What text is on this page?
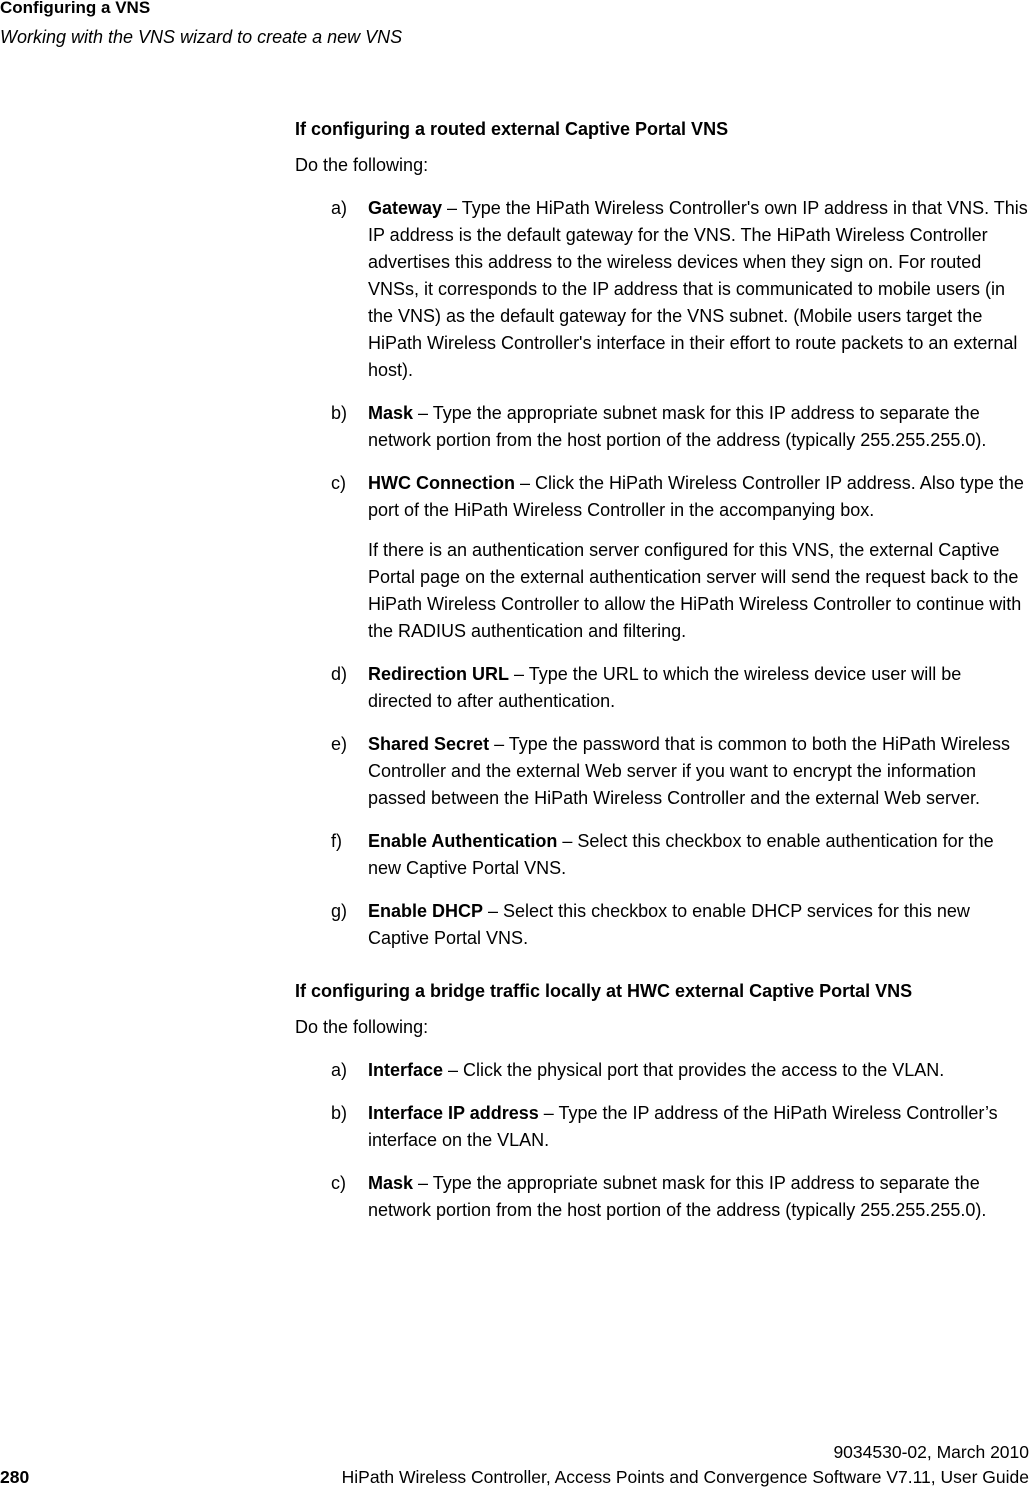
Configuring a VNS
Working with the VNS wizard to create a new VNS
If configuring a routed external Captive Portal VNS
Do the following:
a)	Gateway – Type the HiPath Wireless Controller's own IP address in that VNS. This IP address is the default gateway for the VNS. The HiPath Wireless Controller advertises this address to the wireless devices when they sign on. For routed VNSs, it corresponds to the IP address that is communicated to mobile users (in the VNS) as the default gateway for the VNS subnet. (Mobile users target the HiPath Wireless Controller's interface in their effort to route packets to an external host).
b)	Mask – Type the appropriate subnet mask for this IP address to separate the network portion from the host portion of the address (typically 255.255.255.0).
c)	HWC Connection – Click the HiPath Wireless Controller IP address. Also type the port of the HiPath Wireless Controller in the accompanying box.
If there is an authentication server configured for this VNS, the external Captive Portal page on the external authentication server will send the request back to the HiPath Wireless Controller to allow the HiPath Wireless Controller to continue with the RADIUS authentication and filtering.
d)	Redirection URL – Type the URL to which the wireless device user will be directed to after authentication.
e)	Shared Secret – Type the password that is common to both the HiPath Wireless Controller and the external Web server if you want to encrypt the information passed between the HiPath Wireless Controller and the external Web server.
f)	Enable Authentication – Select this checkbox to enable authentication for the new Captive Portal VNS.
g)	Enable DHCP – Select this checkbox to enable DHCP services for this new Captive Portal VNS.
If configuring a bridge traffic locally at HWC external Captive Portal VNS
Do the following:
a)	Interface – Click the physical port that provides the access to the VLAN.
b)	Interface IP address – Type the IP address of the HiPath Wireless Controller’s interface on the VLAN.
c)	Mask – Type the appropriate subnet mask for this IP address to separate the network portion from the host portion of the address (typically 255.255.255.0).
9034530-02, March 2010
280	HiPath Wireless Controller, Access Points and Convergence Software V7.11, User Guide
